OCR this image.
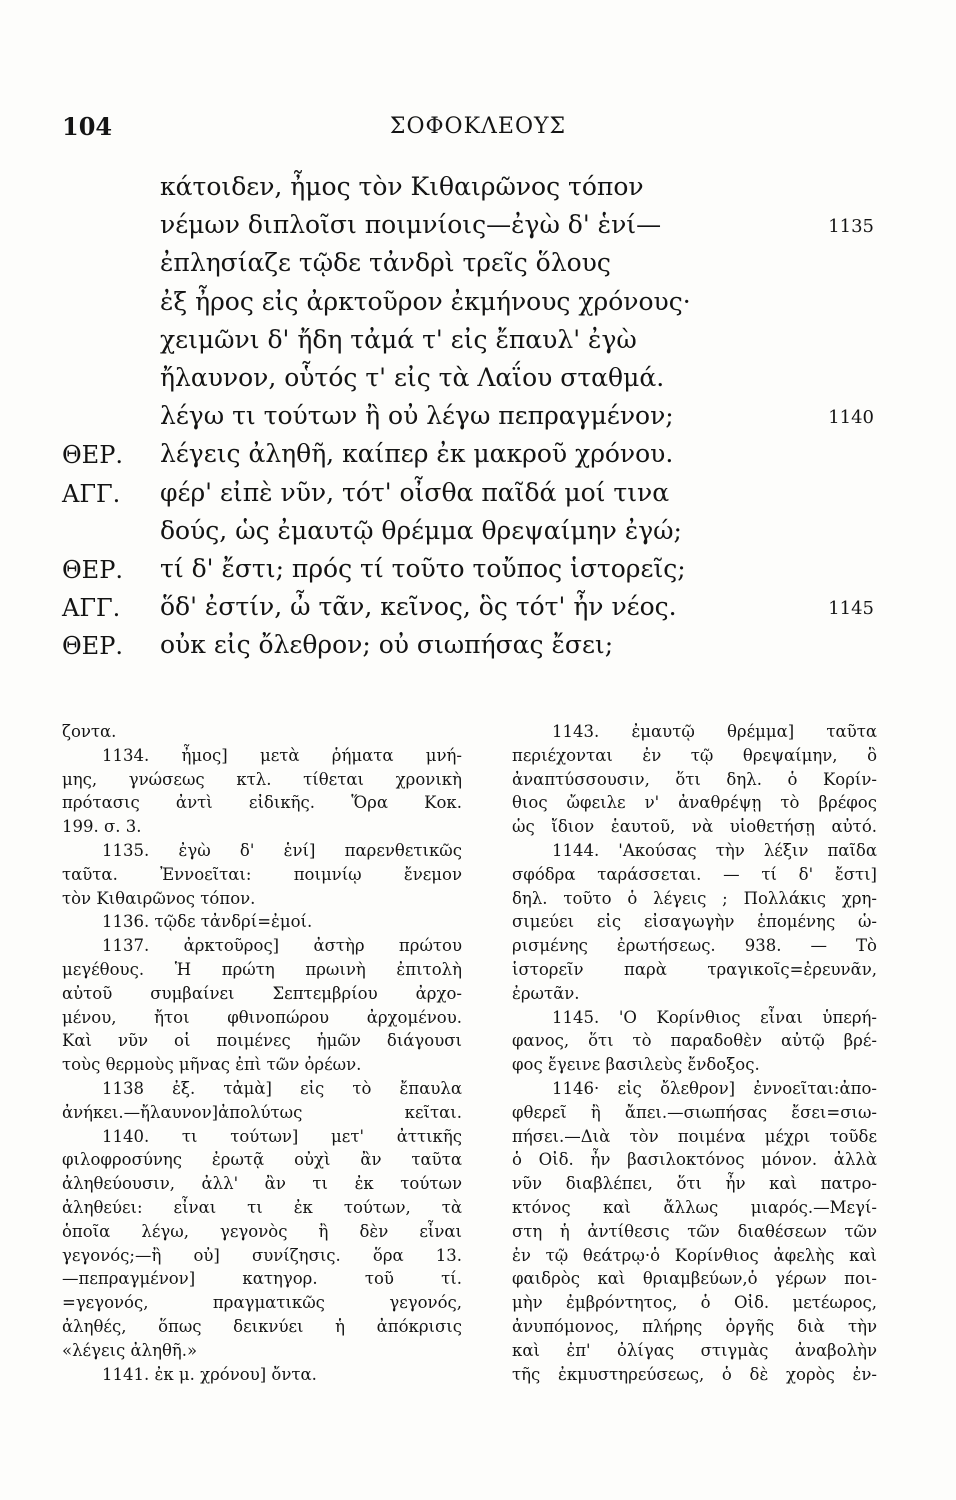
104	ΣΟΦΟΚΛΕΟΥΣ
κάτοιδεν, ἦμος τὸν Κιθαιρῶνος τόπον
νέμων διπλοῖσι ποιμνίοις—ἐγὼ δ' ἑνί—	1135
ἐπλησίαζε τῷδε τἀνδρὶ τρεῖς ὅλους
ἐξ ἦρος εἰς ἀρκτοῦρον ἐκμήνους χρόνους·
χειμῶνι δ' ἤδη τἀμά τ' εἰς ἔπαυλ' ἐγὼ
ἤλαυνον, οὗτός τ' εἰς τὰ Λαΐου σταθμά.
λέγω τι τούτων ἢ οὐ λέγω πεπραγμένον;	1140
ΘΕΡ. λέγεις ἀληθῆ, καίπερ ἐκ μακροῦ χρόνου.
ΑΓΓ. φέρ' εἰπὲ νῦν, τότ' οἶσθα παῖδά μοί τινα
δούς, ὡς ἐμαυτῷ θρέμμα θρεψαίμην ἐγώ;
ΘΕΡ. τί δ' ἔστι; πρός τί τοῦτο τοὔπος ἱστορεῖς;
ΑΓΓ. ὅδ' ἐστίν, ὦ τᾶν, κεῖνος, ὃς τότ' ἦν νέος.	1145
ΘΕΡ. οὐκ εἰς ὄλεθρον; οὐ σιωπήσας ἔσει;
ζοντα.
1134. ἦμος] μετὰ ῥήματα μνή-
μης, γνώσεως κτλ. τίθεται χρονικὴ
πρότασις ἀντὶ εἰδικῆς. Ὅρα Κοκ.
199. σ. 3.
1135. ἐγὼ δ' ἑνί] παρενθετικῶς
ταῦτα. Ἐννοεῖται: ποιμνίῳ ἔνεμον
τὸν Κιθαιρῶνος τόπον.
1136. τῷδε τἀνδρί=ἐμοί.
1137. ἀρκτοῦρος] ἀστὴρ πρώτου
μεγέθους. Ἡ πρώτη πρωινὴ ἐπιτολὴ
αὐτοῦ συμβαίνει Σεπτεμβρίου ἀρχο-
μένου, ἤτοι φθινοπώρου ἀρχομένου.
Καὶ νῦν οἱ ποιμένες ἡμῶν διάγουσι
τοὺς θερμοὺς μῆνας ἐπὶ τῶν ὀρέων.
1138 ἐξ. τἀμὰ] εἰς τὸ ἔπαυλα
ἀνήκει.—ἤλαυνον]ἀπολύτως κεῖται.
1140. τι τούτων] μετ' ἀττικῆς
φιλοφροσύνης ἐρωτᾷ οὐχὶ ἂν ταῦτα
ἀληθεύουσιν, ἀλλ' ἂν τι ἐκ τούτων
ἀληθεύει: εἶναι τι ἐκ τούτων, τὰ
ὁποῖα λέγω, γεγονὸς ἢ δὲν εἶναι
γεγονός;—ἢ οὐ] συνίζησις. ὅρα 13.
—πεπραγμένον] κατηγορ. τοῦ τί.
=γεγονός, πραγματικῶς γεγονός,
ἀληθές, ὅπως δεικνύει ἡ ἀπόκρισις
«λέγεις ἀληθῆ.»
1141. ἐκ μ. χρόνου] ὄντα.
1143. ἐμαυτῷ θρέμμα] ταῦτα
περιέχονται ἐν τῷ θρεψαίμην, ὃ
ἀναπτύσσουσιν, ὅτι δηλ. ὁ Κορίν-
θιος ὤφειλε ν' ἀναθρέψῃ τὸ βρέφος
ὡς ἴδιον ἑαυτοῦ, νὰ υἱοθετήσῃ αὐτό.
1144. 'Ακούσας τὴν λέξιν παῖδα
σφόδρα ταράσσεται. — τί δ' ἔστι]
δηλ. τοῦτο ὁ λέγεις ; Πολλάκις χρη-
σιμεύει εἰς εἰσαγωγὴν ἑπομένης ὡ-
ρισμένης ἐρωτήσεως. 938. — Τὸ
ἱστορεῖν παρὰ τραγικοῖς=ἐρευνᾶν,
ἐρωτᾶν.
1145. 'Ο Κορίνθιος εἶναι ὑπερή-
φανος, ὅτι τὸ παραδοθὲν αὐτῷ βρέ-
φος ἔγεινε βασιλεὺς ἔνδοξος.
1146· εἰς ὄλεθρον] ἐννοεῖται:ἀπο-
φθερεῖ ἢ ἄπει.—σιωπήσας ἔσει=σιω-
πήσει.—Διὰ τὸν ποιμένα μέχρι τοῦδε
ὁ Οἰδ. ἦν βασιλοκτόνος μόνον. ἀλλὰ
νῦν διαβλέπει, ὅτι ἦν καὶ πατρο-
κτόνος καὶ ἄλλως μιαρός.—Μεγί-
στη ἡ ἀντίθεσις τῶν διαθέσεων τῶν
ἐν τῷ θεάτρῳ·ὁ Κορίνθιος ἀφελὴς καὶ
φαιδρὸς καὶ θριαμβεύων,ὁ γέρων ποι-
μὴν ἐμβρόντητος, ὁ Οἰδ. μετέωρος,
ἀνυπόμονος, πλήρης ὀργῆς διὰ τὴν
καὶ ἐπ' ὀλίγας στιγμὰς ἀναβολὴν
τῆς ἐκμυστηρεύσεως, ὁ δὲ χορὸς ἐν-
